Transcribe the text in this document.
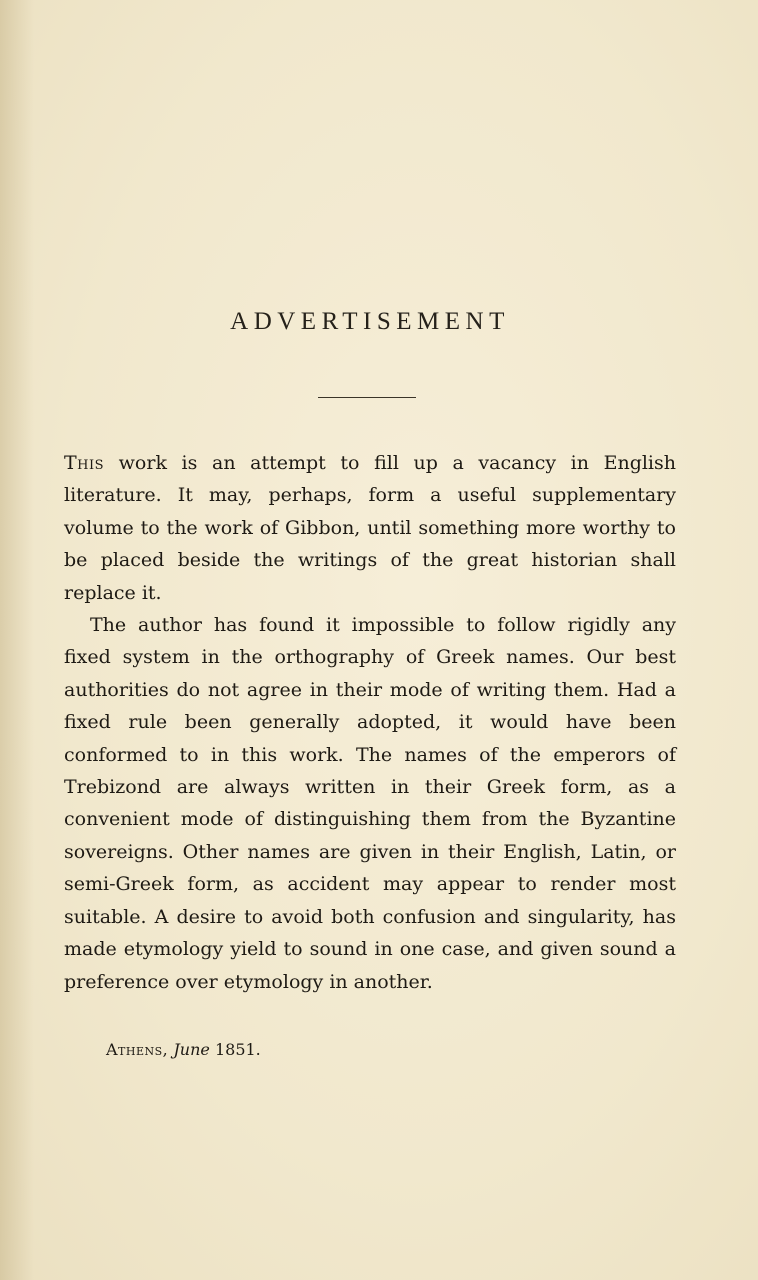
ADVERTISEMENT

This work is an attempt to fill up a vacancy in English literature. It may, perhaps, form a useful supplementary volume to the work of Gibbon, until something more worthy to be placed beside the writings of the great historian shall replace it.

The author has found it impossible to follow rigidly any fixed system in the orthography of Greek names. Our best authorities do not agree in their mode of writing them. Had a fixed rule been generally adopted, it would have been conformed to in this work. The names of the emperors of Trebizond are always written in their Greek form, as a convenient mode of distinguishing them from the Byzantine sovereigns. Other names are given in their English, Latin, or semi-Greek form, as accident may appear to render most suitable. A desire to avoid both confusion and singularity, has made etymology yield to sound in one case, and given sound a preference over etymology in another.

Athens, June 1851.
